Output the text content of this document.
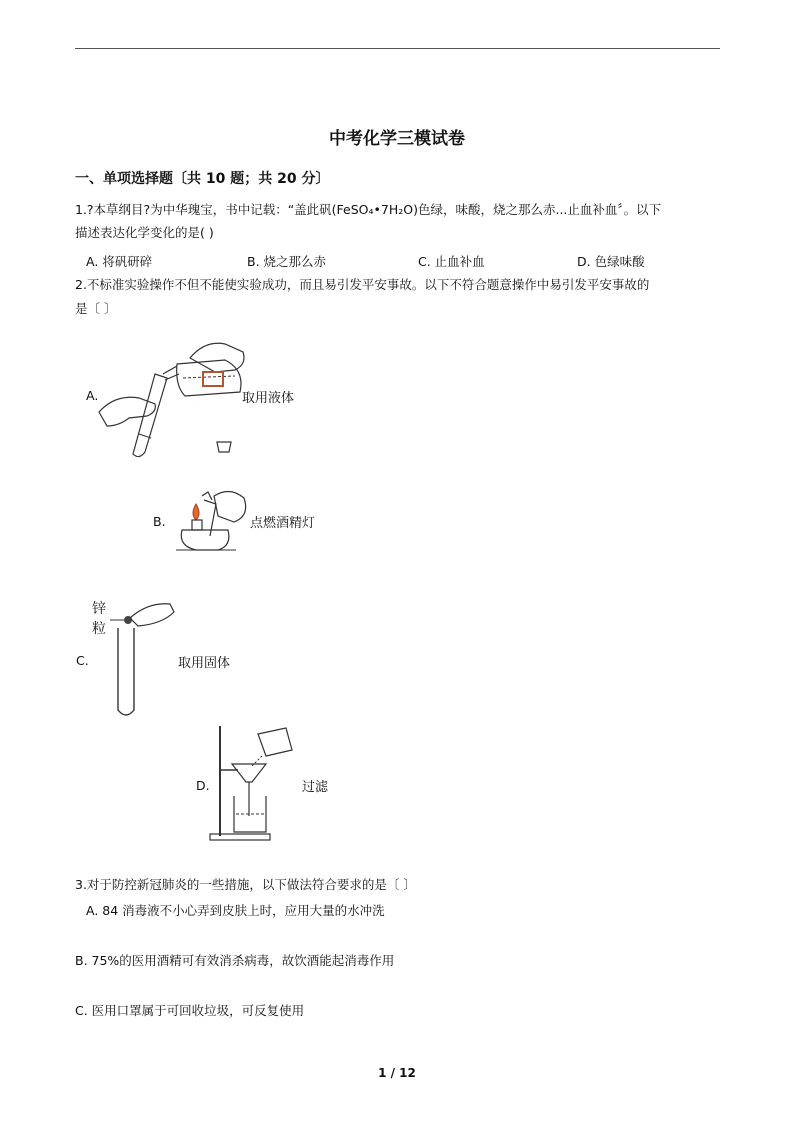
中考化学三模试卷
一、单项选择题〔共 10 题；共 20 分〕
1.?本草纲目?为中华瑰宝，书中记载：“盖此矾(FeSO₄•7H₂O)色绿，味酸，烧之那么赤...止血补血〞。以下
描述表达化学变化的是( )
A. 将矾研碎	B. 烧之那么赤	C. 止血补血	D. 色绿味酸
2.不标准实验操作不但不能使实验成功，而且易引发平安事故。以下不符合题意操作中易引发平安事故的
是〔 〕
A.	取用液体
B.	点燃酒精灯
锌
粒
C.	取用固体
D.	过滤
3.对于防控新冠肺炎的一些措施，以下做法符合要求的是〔 〕
A. 84 消毒液不小心弄到皮肤上时，应用大量的水冲洗
B. 75%的医用酒精可有效消杀病毒，故饮酒能起消毒作用
C. 医用口罩属于可回收垃圾，可反复使用
1 / 12
